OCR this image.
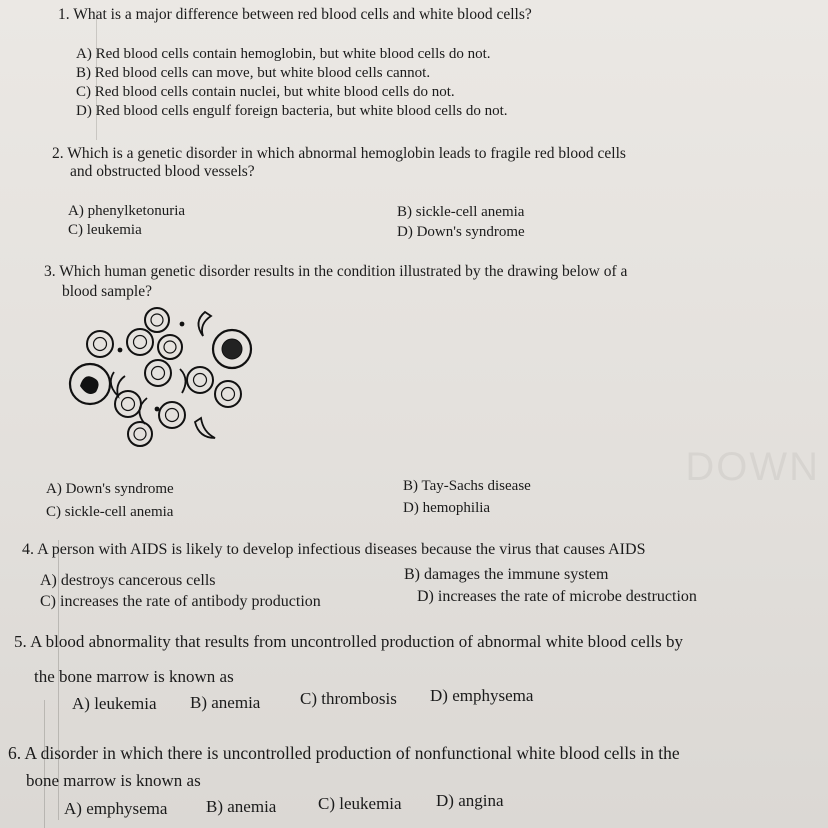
DOWN
1. What is a major difference between red blood cells and white blood cells?
A) Red blood cells contain hemoglobin, but white blood cells do not.
B) Red blood cells can move, but white blood cells cannot.
C) Red blood cells contain nuclei, but white blood cells do not.
D) Red blood cells engulf foreign bacteria, but white blood cells do not.
2. Which is a genetic disorder in which abnormal hemoglobin leads to fragile red blood cells
and obstructed blood vessels?
A) phenylketonuria	B) sickle-cell anemia
C) leukemia	D) Down's syndrome
3. Which human genetic disorder results in the condition illustrated by the drawing below of a
blood sample?
A) Down's syndrome	B) Tay-Sachs disease
C) sickle-cell anemia	D) hemophilia
4. A person with AIDS is likely to develop infectious diseases because the virus that causes AIDS
A) destroys cancerous cells	B) damages the immune system
C) increases the rate of antibody production	D) increases the rate of microbe destruction
5. A blood abnormality that results from uncontrolled production of abnormal white blood cells by
the bone marrow is known as
A) leukemia B) anemia C) thrombosis D) emphysema
6. A disorder in which there is uncontrolled production of nonfunctional white blood cells in the
bone marrow is known as
A) emphysema B) anemia C) leukemia D) angina
